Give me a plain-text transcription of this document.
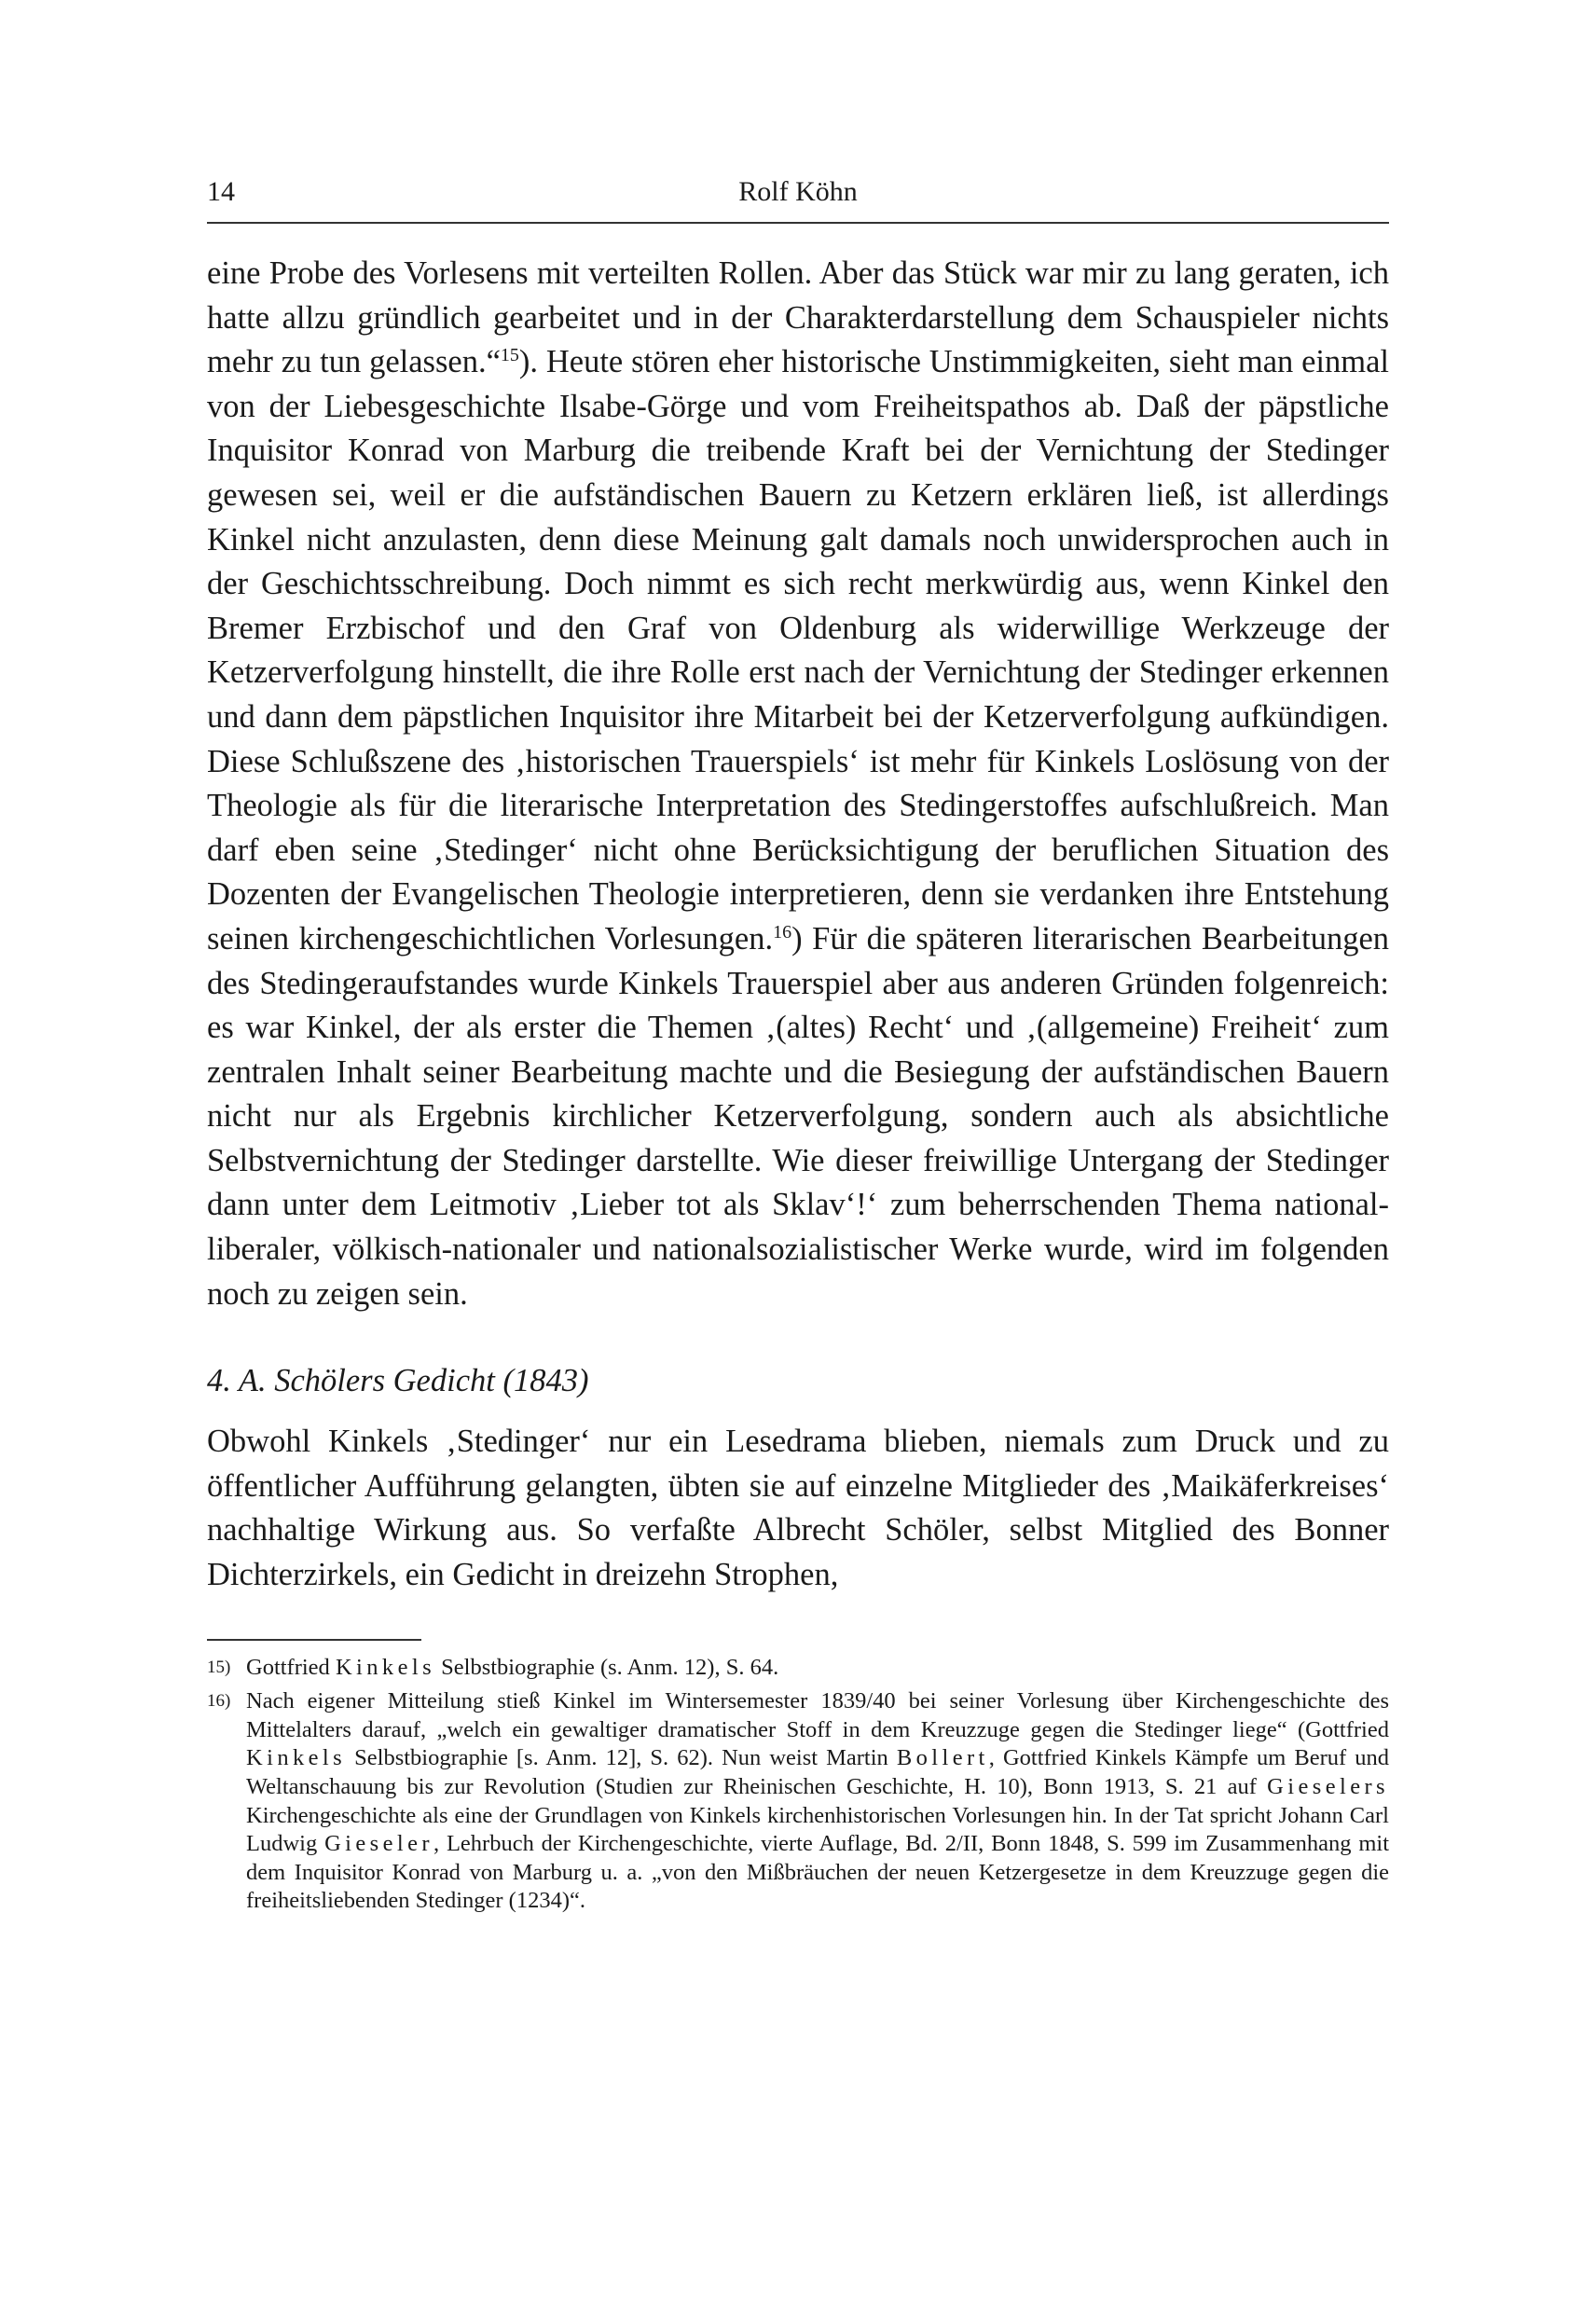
14	Rolf Köhn

eine Probe des Vorlesens mit verteilten Rollen. Aber das Stück war mir zu lang geraten, ich hatte allzu gründlich gearbeitet und in der Charakterdarstellung dem Schauspieler nichts mehr zu tun gelassen.“$^{15}$). Heute stören eher historische Unstimmigkeiten, sieht man einmal von der Liebesgeschichte Ilsabe-Görge und vom Freiheitspathos ab. Daß der päpstliche Inquisitor Konrad von Marburg die treibende Kraft bei der Vernichtung der Stedinger gewesen sei, weil er die aufständischen Bauern zu Ketzern erklären ließ, ist allerdings Kinkel nicht anzulasten, denn diese Meinung galt damals noch unwidersprochen auch in der Geschichtsschreibung. Doch nimmt es sich recht merkwürdig aus, wenn Kinkel den Bremer Erzbischof und den Graf von Oldenburg als widerwillige Werkzeuge der Ketzerverfolgung hinstellt, die ihre Rolle erst nach der Vernichtung der Stedinger erkennen und dann dem päpstlichen Inquisitor ihre Mitarbeit bei der Ketzerverfolgung aufkündigen. Diese Schlußszene des ‚historischen Trauerspiels‘ ist mehr für Kinkels Loslösung von der Theologie als für die literarische Interpretation des Stedingerstoffes aufschlußreich. Man darf eben seine ‚Stedinger‘ nicht ohne Berücksichtigung der beruflichen Situation des Dozenten der Evangelischen Theologie interpretieren, denn sie verdanken ihre Entstehung seinen kirchengeschichtlichen Vorlesungen.$^{16}$) Für die späteren literarischen Bearbeitungen des Stedingeraufstandes wurde Kinkels Trauerspiel aber aus anderen Gründen folgenreich: es war Kinkel, der als erster die Themen ‚(altes) Recht‘ und ‚(allgemeine) Freiheit‘ zum zentralen Inhalt seiner Bearbeitung machte und die Besiegung der aufständischen Bauern nicht nur als Ergebnis kirchlicher Ketzerverfolgung, sondern auch als absichtliche Selbstvernichtung der Stedinger darstellte. Wie dieser freiwillige Untergang der Stedinger dann unter dem Leitmotiv ‚Lieber tot als Sklav‘!‘ zum beherrschenden Thema national-liberaler, völkisch-nationaler und nationalsozialistischer Werke wurde, wird im folgenden noch zu zeigen sein.

4. A. Schölers Gedicht (1843)

Obwohl Kinkels ‚Stedinger‘ nur ein Lesedrama blieben, niemals zum Druck und zu öffentlicher Aufführung gelangten, übten sie auf einzelne Mitglieder des ‚Maikäferkreises‘ nachhaltige Wirkung aus. So verfaßte Albrecht Schöler, selbst Mitglied des Bonner Dichterzirkels, ein Gedicht in dreizehn Strophen,

15) Gottfried Kinkels Selbstbiographie (s. Anm. 12), S. 64.
16) Nach eigener Mitteilung stieß Kinkel im Wintersemester 1839/40 bei seiner Vorlesung über Kirchengeschichte des Mittelalters darauf, „welch ein gewaltiger dramatischer Stoff in dem Kreuzzuge gegen die Stedinger liege“ (Gottfried Kinkels Selbstbiographie [s. Anm. 12], S. 62). Nun weist Martin Bollert, Gottfried Kinkels Kämpfe um Beruf und Weltanschauung bis zur Revolution (Studien zur Rheinischen Geschichte, H. 10), Bonn 1913, S. 21 auf Gieselers Kirchengeschichte als eine der Grundlagen von Kinkels kirchenhistorischen Vorlesungen hin. In der Tat spricht Johann Carl Ludwig Gieseler, Lehrbuch der Kirchengeschichte, vierte Auflage, Bd. 2/II, Bonn 1848, S. 599 im Zusammenhang mit dem Inquisitor Konrad von Marburg u. a. „von den Mißbräuchen der neuen Ketzergesetze in dem Kreuzzuge gegen die freiheitsliebenden Stedinger (1234)“.
